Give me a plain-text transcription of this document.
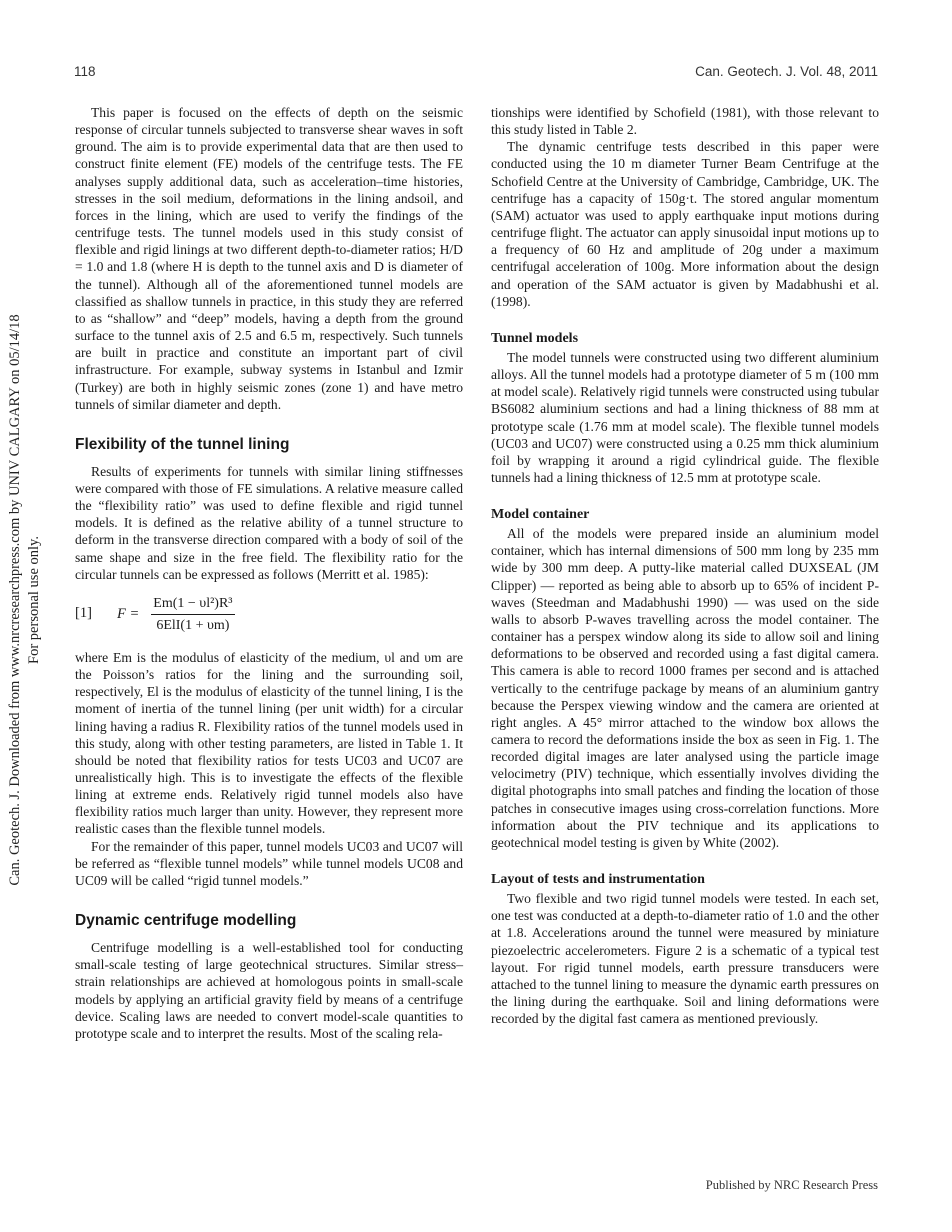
118	Can. Geotech. J. Vol. 48, 2011
Can. Geotech. J. Downloaded from www.nrcresearchpress.com by UNIV CALGARY on 05/14/18 For personal use only.

This paper is focused on the effects of depth on the seismic response of circular tunnels subjected to transverse shear waves in soft ground. The aim is to provide experimental data that are then used to construct finite element (FE) models of the centrifuge tests. The FE analyses supply additional data, such as acceleration–time histories, stresses in the soil medium, deformations in the lining andsoil, and forces in the lining, which are used to verify the findings of the centrifuge tests. The tunnel models used in this study consist of flexible and rigid linings at two different depth-to-diameter ratios; H/D = 1.0 and 1.8 (where H is depth to the tunnel axis and D is diameter of the tunnel). Although all of the aforementioned tunnel models are classified as shallow tunnels in practice, in this study they are referred to as “shallow” and “deep” models, having a depth from the ground surface to the tunnel axis of 2.5 and 6.5 m, respectively. Such tunnels are built in practice and constitute an important part of civil infrastructure. For example, subway systems in Istanbul and Izmir (Turkey) are both in highly seismic zones (zone 1) and have metro tunnels of similar diameter and depth.

Flexibility of the tunnel lining

Results of experiments for tunnels with similar lining stiffnesses were compared with those of FE simulations. A relative measure called the “flexibility ratio” was used to define flexible and rigid tunnel models. It is defined as the relative ability of a tunnel structure to deform in the transverse direction compared with a body of soil of the same shape and size in the free field. The flexibility ratio for the circular tunnels can be expressed as follows (Merritt et al. 1985):

[1] $F = \frac{\text{Em(1 − υl²)R³}}{\text{6ElI(1 + υm)}}$

where Em is the modulus of elasticity of the medium, υl and υm are the Poisson’s ratios for the lining and the surrounding soil, respectively, El is the modulus of elasticity of the tunnel lining, I is the moment of inertia of the tunnel lining (per unit width) for a circular lining having a radius R. Flexibility ratios of the tunnel models used in this study, along with other testing parameters, are listed in Table 1. It should be noted that flexibility ratios for tests UC03 and UC07 are unrealistically high. This is to investigate the effects of the flexible lining at extreme ends. Relatively rigid tunnel models also have flexibility ratios much larger than unity. However, they represent more realistic cases than the flexible tunnel models.

For the remainder of this paper, tunnel models UC03 and UC07 will be referred as “flexible tunnel models” while tunnel models UC08 and UC09 will be called “rigid tunnel models.”

Dynamic centrifuge modelling

Centrifuge modelling is a well-established tool for conducting small-scale testing of large geotechnical structures. Similar stress–strain relationships are achieved at homologous points in small-scale models by applying an artificial gravity field by means of a centrifuge device. Scaling laws are needed to convert model-scale quantities to prototype scale and to interpret the results. Most of the scaling rela-

tionships were identified by Schofield (1981), with those relevant to this study listed in Table 2.

The dynamic centrifuge tests described in this paper were conducted using the 10 m diameter Turner Beam Centrifuge at the Schofield Centre at the University of Cambridge, Cambridge, UK. The centrifuge has a capacity of 150g·t. The stored angular momentum (SAM) actuator was used to apply earthquake input motions during centrifuge flight. The actuator can apply sinusoidal input motions up to a frequency of 60 Hz and amplitude of 20g under a maximum centrifugal acceleration of 100g. More information about the design and operation of the SAM actuator is given by Madabhushi et al. (1998).

Tunnel models

The model tunnels were constructed using two different aluminium alloys. All the tunnel models had a prototype diameter of 5 m (100 mm at model scale). Relatively rigid tunnels were constructed using tubular BS6082 aluminium sections and had a lining thickness of 88 mm at prototype scale (1.76 mm at model scale). The flexible tunnel models (UC03 and UC07) were constructed using a 0.25 mm thick aluminium foil by wrapping it around a rigid cylindrical guide. The flexible tunnels had a lining thickness of 12.5 mm at prototype scale.

Model container

All of the models were prepared inside an aluminium model container, which has internal dimensions of 500 mm long by 235 mm wide by 300 mm deep. A putty-like material called DUXSEAL (JM Clipper) — reported as being able to absorb up to 65% of incident P-waves (Steedman and Madabhushi 1990) — was used on the side walls to absorb P-waves travelling across the model container. The container has a perspex window along its side to allow soil and lining deformations to be observed and recorded using a fast digital camera. This camera is able to record 1000 frames per second and is attached vertically to the centrifuge package by means of an aluminium gantry because the Perspex viewing window and the camera are oriented at right angles. A 45° mirror attached to the window box allows the camera to record the deformations inside the box as seen in Fig. 1. The recorded digital images are later analysed using the particle image velocimetry (PIV) technique, which essentially involves dividing the digital photographs into small patches and finding the location of those patches in consecutive images using cross-correlation functions. More information about the PIV technique and its applications to geotechnical model testing is given by White (2002).

Layout of tests and instrumentation

Two flexible and two rigid tunnel models were tested. In each set, one test was conducted at a depth-to-diameter ratio of 1.0 and the other at 1.8. Accelerations around the tunnel were measured by miniature piezoelectric accelerometers. Figure 2 is a schematic of a typical test layout. For rigid tunnel models, earth pressure transducers were attached to the tunnel lining to measure the dynamic earth pressures on the lining during the earthquake. Soil and lining deformations were recorded by the digital fast camera as mentioned previously.

Published by NRC Research Press
